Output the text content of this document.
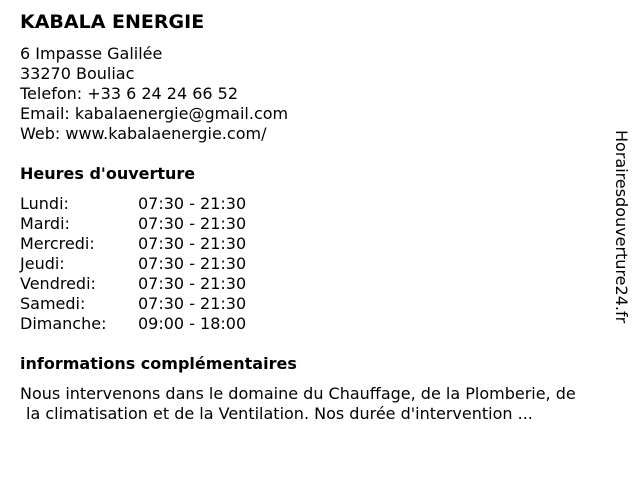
KABALA ENERGIE
6 Impasse Galilée
33270 Bouliac
Telefon: +33 6 24 24 66 52
Email: kabalaenergie@gmail.com
Web: www.kabalaenergie.com/
Heures d'ouverture
Lundi:	07:30 - 21:30
Mardi:	07:30 - 21:30
Mercredi:	07:30 - 21:30
Jeudi:	07:30 - 21:30
Vendredi:	07:30 - 21:30
Samedi:	07:30 - 21:30
Dimanche: 09:00 - 18:00
informations complémentaires
Nous intervenons dans le domaine du Chauffage, de la Plomberie, de
la climatisation et de la Ventilation. Nos durée d'intervention ...
Horairesdouverture24.fr
